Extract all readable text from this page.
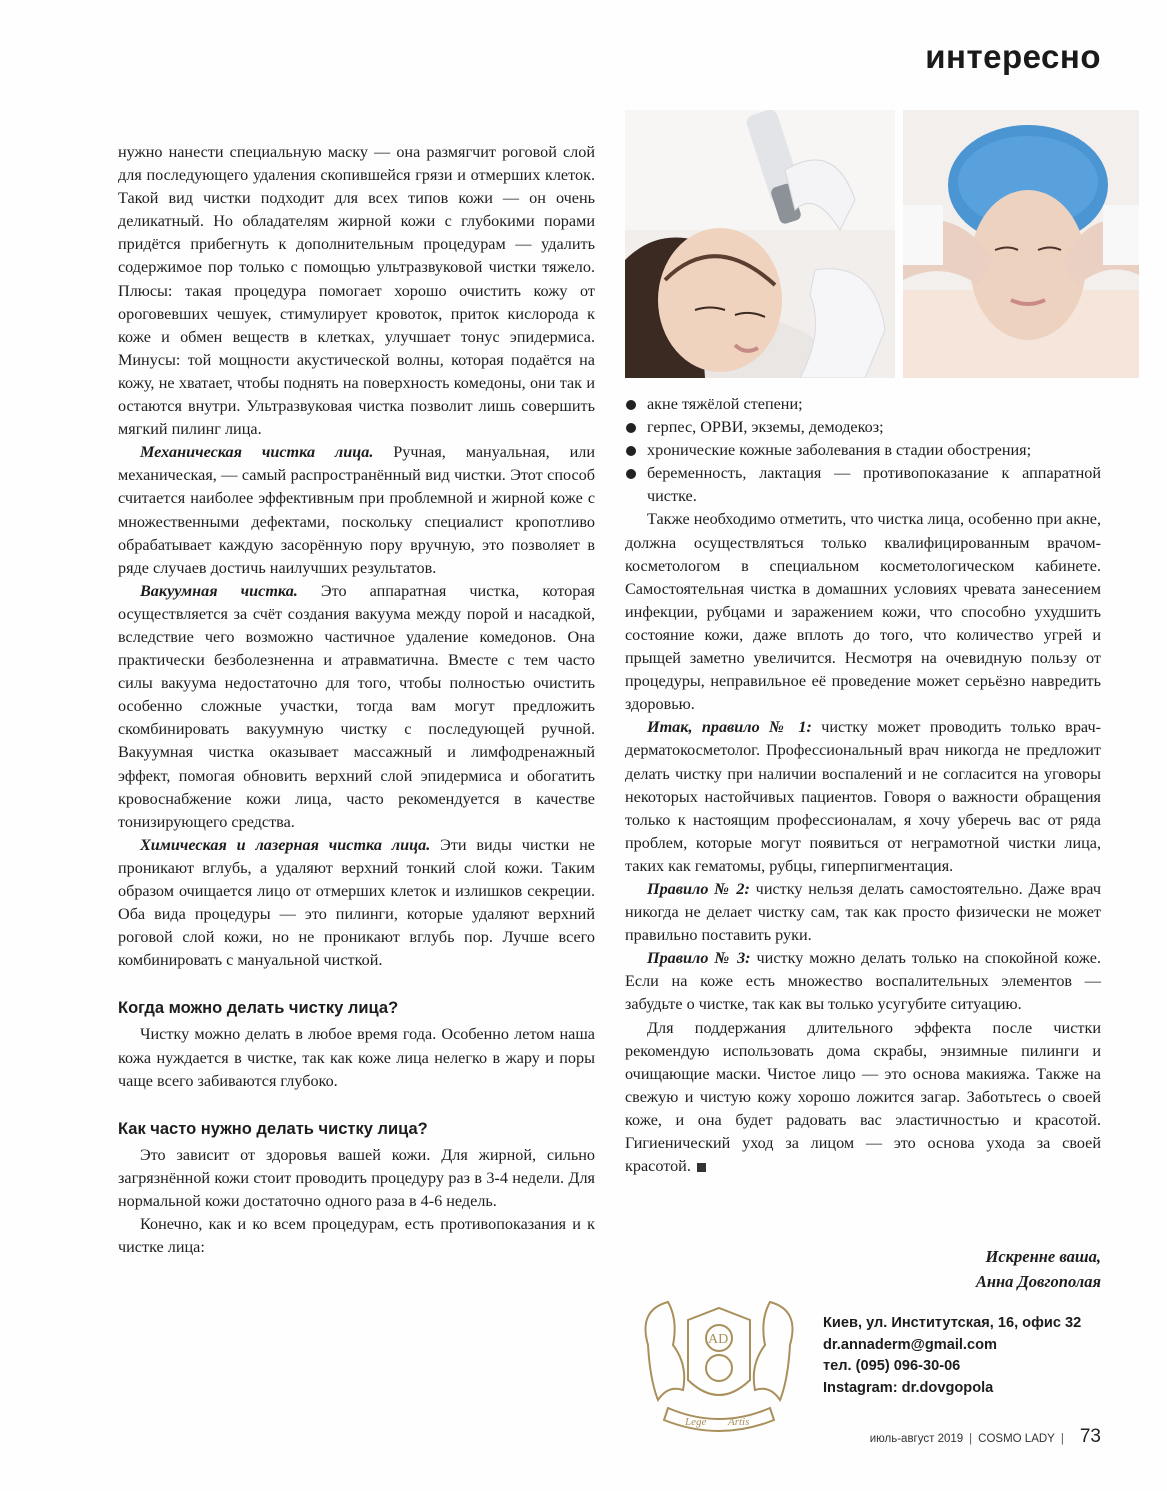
интересно

нужно нанести специальную маску — она размягчит роговой слой для последующего удаления скопившейся грязи и отмерших клеток. Такой вид чистки подходит для всех типов кожи — он очень деликатный. Но обладателям жирной кожи с глубокими порами придётся прибегнуть к дополнительным процедурам — удалить содержимое пор только с помощью ультразвуковой чистки тяжело. Плюсы: такая процедура помогает хорошо очистить кожу от ороговевших чешуек, стимулирует кровоток, приток кислорода к коже и обмен веществ в клетках, улучшает тонус эпидермиса. Минусы: той мощности акустической волны, которая подаётся на кожу, не хватает, чтобы поднять на поверхность комедоны, они так и остаются внутри. Ультразвуковая чистка позволит лишь совершить мягкий пилинг лица.

Механическая чистка лица. Ручная, мануальная, или механическая, — самый распространённый вид чистки. Этот способ считается наиболее эффективным при проблемной и жирной коже с множественными дефектами, поскольку специалист кропотливо обрабатывает каждую засорённую пору вручную, это позволяет в ряде случаев достичь наилучших результатов.

Вакуумная чистка. Это аппаратная чистка, которая осуществляется за счёт создания вакуума между порой и насадкой, вследствие чего возможно частичное удаление комедонов. Она практически безболезненна и атравматична. Вместе с тем часто силы вакуума недостаточно для того, чтобы полностью очистить особенно сложные участки, тогда вам могут предложить скомбинировать вакуумную чистку с последующей ручной. Вакуумная чистка оказывает массажный и лимфодренажный эффект, помогая обновить верхний слой эпидермиса и обогатить кровоснабжение кожи лица, часто рекомендуется в качестве тонизирующего средства.

Химическая и лазерная чистка лица. Эти виды чистки не проникают вглубь, а удаляют верхний тонкий слой кожи. Таким образом очищается лицо от отмерших клеток и излишков секреции. Оба вида процедуры — это пилинги, которые удаляют верхний роговой слой кожи, но не проникают вглубь пор. Лучше всего комбинировать с мануальной чисткой.

Когда можно делать чистку лица?

Чистку можно делать в любое время года. Особенно летом наша кожа нуждается в чистке, так как коже лица нелегко в жару и поры чаще всего забиваются глубоко.

Как часто нужно делать чистку лица?

Это зависит от здоровья вашей кожи. Для жирной, сильно загрязнённой кожи стоит проводить процедуру раз в 3-4 недели. Для нормальной кожи достаточно одного раза в 4-6 недель.

Конечно, как и ко всем процедурам, есть противопоказания и к чистке лица:

акне тяжёлой степени;
герпес, ОРВИ, экземы, демодекоз;
хронические кожные заболевания в стадии обострения;
беременность, лактация — противопоказание к аппаратной чистке.

Также необходимо отметить, что чистка лица, особенно при акне, должна осуществляться только квалифицированным врачом-косметологом в специальном косметологическом кабинете. Самостоятельная чистка в домашних условиях чревата занесением инфекции, рубцами и заражением кожи, что способно ухудшить состояние кожи, даже вплоть до того, что количество угрей и прыщей заметно увеличится. Несмотря на очевидную пользу от процедуры, неправильное её проведение может серьёзно навредить здоровью.

Итак, правило № 1: чистку может проводить только врач-дерматокосметолог. Профессиональный врач никогда не предложит делать чистку при наличии воспалений и не согласится на уговоры некоторых настойчивых пациентов. Говоря о важности обращения только к настоящим профессионалам, я хочу уберечь вас от ряда проблем, которые могут появиться от неграмотной чистки лица, таких как гематомы, рубцы, гиперпигментация.

Правило № 2: чистку нельзя делать самостоятельно. Даже врач никогда не делает чистку сам, так как просто физически не может правильно поставить руки.

Правило № 3: чистку можно делать только на спокойной коже. Если на коже есть множество воспалительных элементов — забудьте о чистке, так как вы только усугубите ситуацию.

Для поддержания длительного эффекта после чистки рекомендую использовать дома скрабы, энзимные пилинги и очищающие маски. Чистое лицо — это основа макияжа. Также на свежую и чистую кожу хорошо ложится загар. Заботьтесь о своей коже, и она будет радовать вас эластичностью и красотой. Гигиенический уход за лицом — это основа ухода за своей красотой.

Искренне ваша,
Анна Довгополая
AD
Lege Artis
Киев, ул. Институтская, 16, офис 32
dr.annaderm@gmail.com
тел. (095) 096-30-06
Instagram: dr.dovgopola
июль-август 2019 | COSMO LADY | 73
